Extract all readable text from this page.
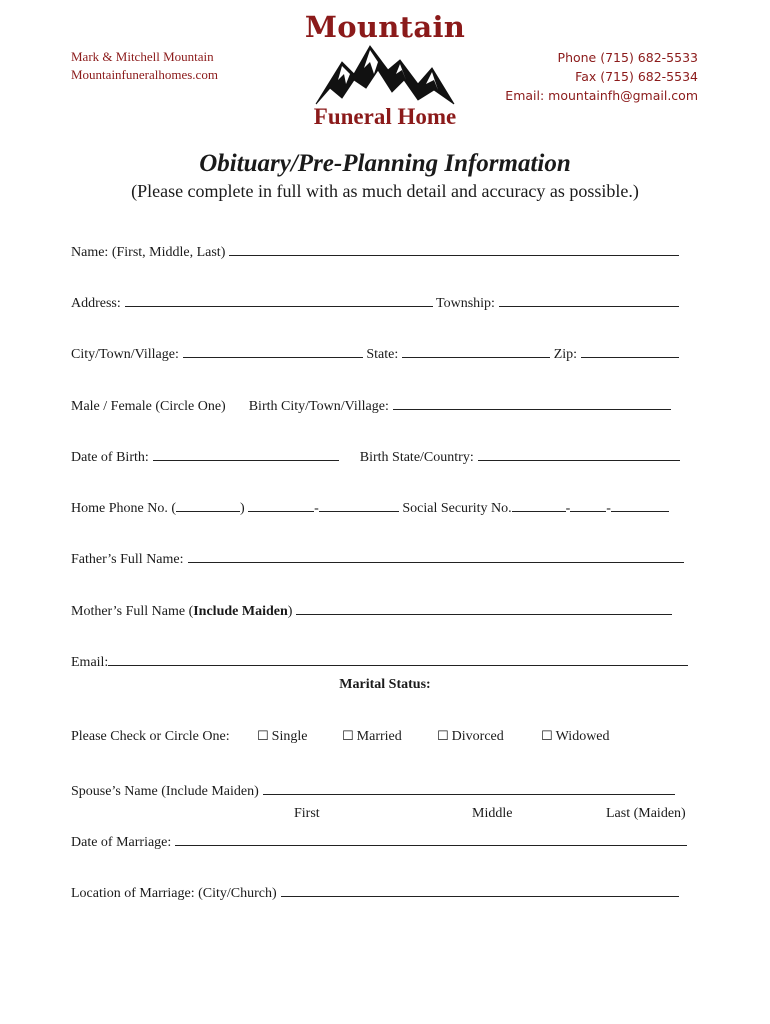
Mark & Mitchell Mountain
Mountainfuneralhomes.com
Mountain
Funeral Home
Phone (715) 682-5533
Fax (715) 682-5534
Email: mountainfh@gmail.com
Obituary/Pre-Planning Information
(Please complete in full with as much detail and accuracy as possible.)
Name: (First, Middle, Last)
Address:	Township:
City/Town/Village:	State:	Zip:
Male / Female (Circle One) Birth City/Town/Village:
Date of Birth:	Birth State/Country:
Home Phone No. (	)	-	Social Security No.	-	-
Father’s Full Name:
Mother’s Full Name (Include Maiden)
Email:
Marital Status:
Please Check or Circle One: ☐ Single	☐ Married	☐ Divorced	☐ Widowed
Spouse’s Name (Include Maiden)
First	Middle	Last (Maiden)
Date of Marriage:
Location of Marriage: (City/Church)
